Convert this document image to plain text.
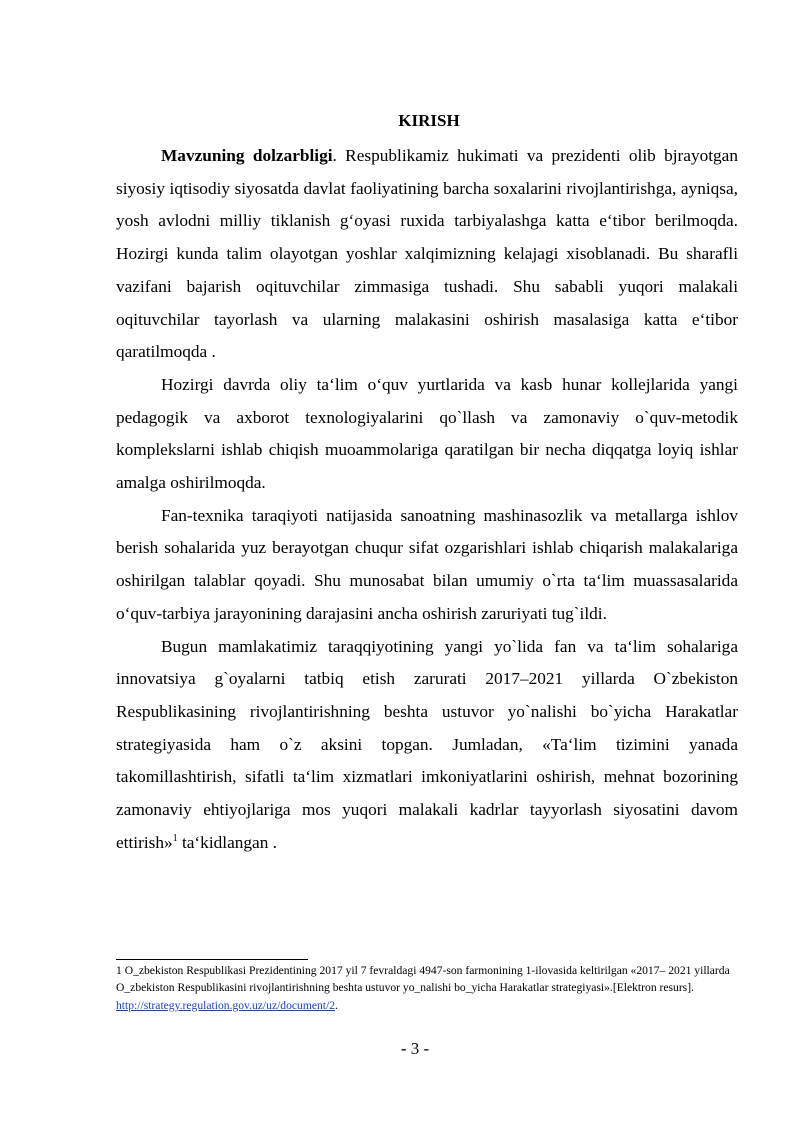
KIRISH

Mavzuning dolzarbligi. Respublikamiz hukimati va prezidenti olib bjrayotgan siyosiy iqtisodiy siyosatda davlat faoliyatining barcha soxalarini rivojlantirishga, ayniqsa, yosh avlodni milliy tiklanish g‘oyasi ruxida tarbiyalashga katta e‘tibor berilmoqda. Hozirgi kunda talim olayotgan yoshlar xalqimizning kelajagi xisoblanadi. Bu sharafli vazifani bajarish oqituvchilar zimmasiga tushadi. Shu sababli yuqori malakali oqituvchilar tayorlash va ularning malakasini oshirish masalasiga katta e‘tibor qaratilmoqda .

Hozirgi davrda oliy ta‘lim o‘quv yurtlarida va kasb hunar kollejlarida yangi pedagogik va axborot texnologiyalarini qo`llash va zamonaviy o`quv-metodik komplekslarni ishlab chiqish muoammolariga qaratilgan bir necha diqqatga loyiq ishlar amalga oshirilmoqda.

Fan-texnika taraqiyoti natijasida sanoatning mashinasozlik va metallarga ishlov berish sohalarida yuz berayotgan chuqur sifat ozgarishlari ishlab chiqarish malakalariga oshirilgan talablar qoyadi. Shu munosabat bilan umumiy o`rta ta‘lim muassasalarida o‘quv-tarbiya jarayonining darajasini ancha oshirish zaruriyati tug`ildi.

Bugun mamlakatimiz taraqqiyotining yangi yo`lida fan va ta‘lim sohalariga innovatsiya g`oyalarni tatbiq etish zarurati 2017–2021 yillarda O`zbekiston Respublikasining rivojlantirishning beshta ustuvor yo`nalishi bo`yicha Harakatlar strategiyasida ham o`z aksini topgan. Jumladan, «Ta‘lim tizimini yanada takomillashtirish, sifatli ta‘lim xizmatlari imkoniyatlarini oshirish, mehnat bozorining zamonaviy ehtiyojlariga mos yuqori malakali kadrlar tayyorlash siyosatini davom ettirish»$^1$ ta‘kidlangan .

1 O_zbekiston Respublikasi Prezidentining 2017 yil 7 fevraldagi 4947-son farmonining 1-ilovasida keltirilgan «2017– 2021 yillarda O_zbekiston Respublikasini rivojlantirishning beshta ustuvor yo_nalishi bo_yicha Harakatlar strategiyasi».[Elektron resurs]. http://strategy.regulation.gov.uz/uz/document/2.
- 3 -
